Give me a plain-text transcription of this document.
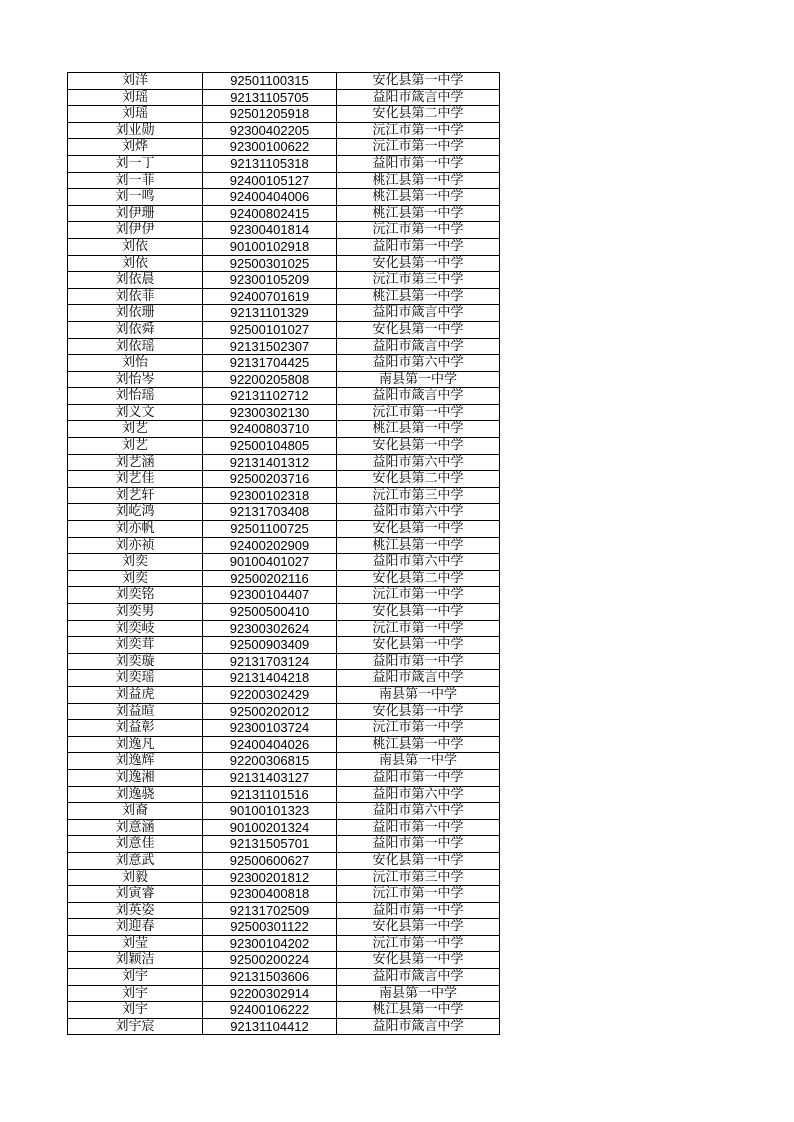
刘洋	92501100315	安化县第一中学
刘瑶	92131105705	益阳市箴言中学
刘瑶	92501205918	安化县第二中学
刘业勋	92300402205	沅江市第一中学
刘烨	92300100622	沅江市第一中学
刘一丁	92131105318	益阳市第一中学
刘一菲	92400105127	桃江县第一中学
刘一鸣	92400404006	桃江县第一中学
刘伊珊	92400802415	桃江县第一中学
刘伊伊	92300401814	沅江市第一中学
刘依	90100102918	益阳市第一中学
刘依	92500301025	安化县第一中学
刘依晨	92300105209	沅江市第三中学
刘依菲	92400701619	桃江县第一中学
刘依珊	92131101329	益阳市箴言中学
刘依舜	92500101027	安化县第一中学
刘依瑶	92131502307	益阳市箴言中学
刘怡	92131704425	益阳市第六中学
刘怡岑	92200205808	南县第一中学
刘怡瑶	92131102712	益阳市箴言中学
刘义文	92300302130	沅江市第一中学
刘艺	92400803710	桃江县第一中学
刘艺	92500104805	安化县第一中学
刘艺涵	92131401312	益阳市第六中学
刘艺佳	92500203716	安化县第二中学
刘艺轩	92300102318	沅江市第三中学
刘屹鸿	92131703408	益阳市第六中学
刘亦帆	92501100725	安化县第一中学
刘亦祯	92400202909	桃江县第一中学
刘奕	90100401027	益阳市第六中学
刘奕	92500202116	安化县第二中学
刘奕铭	92300104407	沅江市第一中学
刘奕男	92500500410	安化县第一中学
刘奕岐	92300302624	沅江市第一中学
刘奕茸	92500903409	安化县第一中学
刘奕璇	92131703124	益阳市第一中学
刘奕瑶	92131404218	益阳市箴言中学
刘益虎	92200302429	南县第一中学
刘益暄	92500202012	安化县第一中学
刘益彰	92300103724	沅江市第一中学
刘逸凡	92400404026	桃江县第一中学
刘逸辉	92200306815	南县第一中学
刘逸湘	92131403127	益阳市第一中学
刘逸骁	92131101516	益阳市第六中学
刘裔	90100101323	益阳市第六中学
刘意涵	90100201324	益阳市第一中学
刘意佳	92131505701	益阳市第一中学
刘意武	92500600627	安化县第一中学
刘毅	92300201812	沅江市第三中学
刘寅睿	92300400818	沅江市第一中学
刘英姿	92131702509	益阳市第一中学
刘迎春	92500301122	安化县第一中学
刘莹	92300104202	沅江市第一中学
刘颖洁	92500200224	安化县第一中学
刘宇	92131503606	益阳市箴言中学
刘宇	92200302914	南县第一中学
刘宇	92400106222	桃江县第一中学
刘宇宸	92131104412	益阳市箴言中学
